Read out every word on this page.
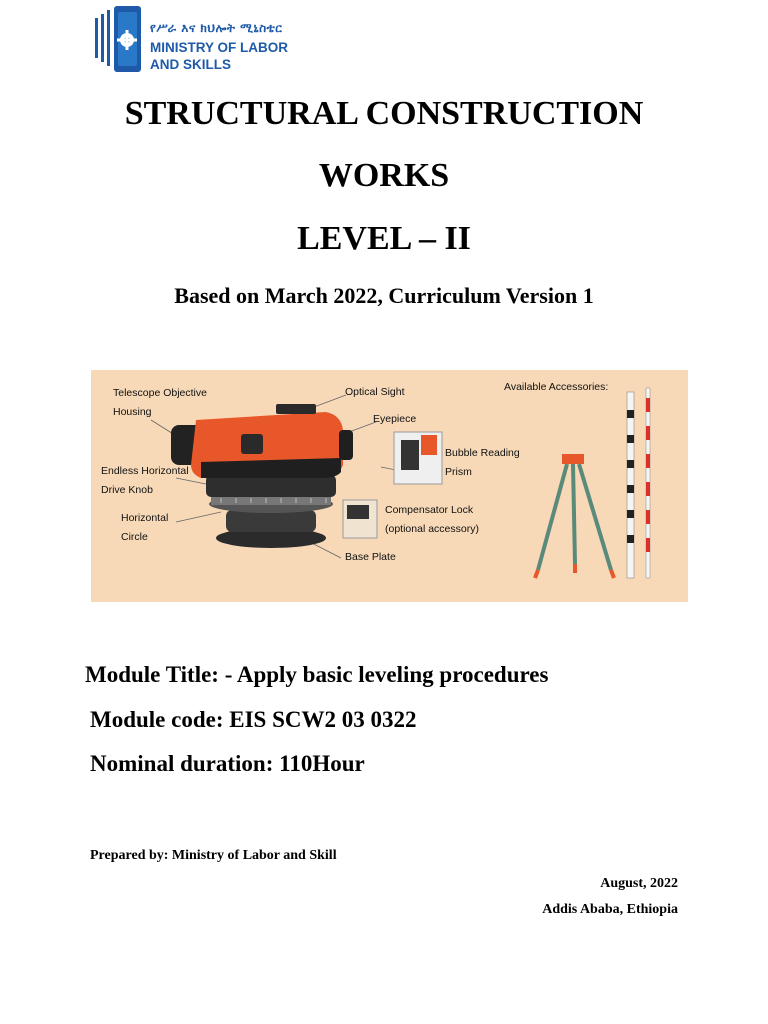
የሥራ እና ክህሎት ሚኒስቴር
MINISTRY OF LABOR
AND SKILLS
STRUCTURAL CONSTRUCTION
WORKS
LEVEL – II
Based on March 2022, Curriculum Version 1
Telescope Objective
Housing
Optical Sight
Eyepiece
Endless Horizontal
Drive Knob
Horizontal
Circle
Bubble Reading
Prism
Compensator Lock
(optional accessory)
Base Plate
Available Accessories:
Module Title: - Apply basic leveling procedures
Module code: EIS SCW2 03 0322
Nominal duration: 110Hour
Prepared by: Ministry of Labor and Skill
August, 2022
Addis Ababa, Ethiopia
